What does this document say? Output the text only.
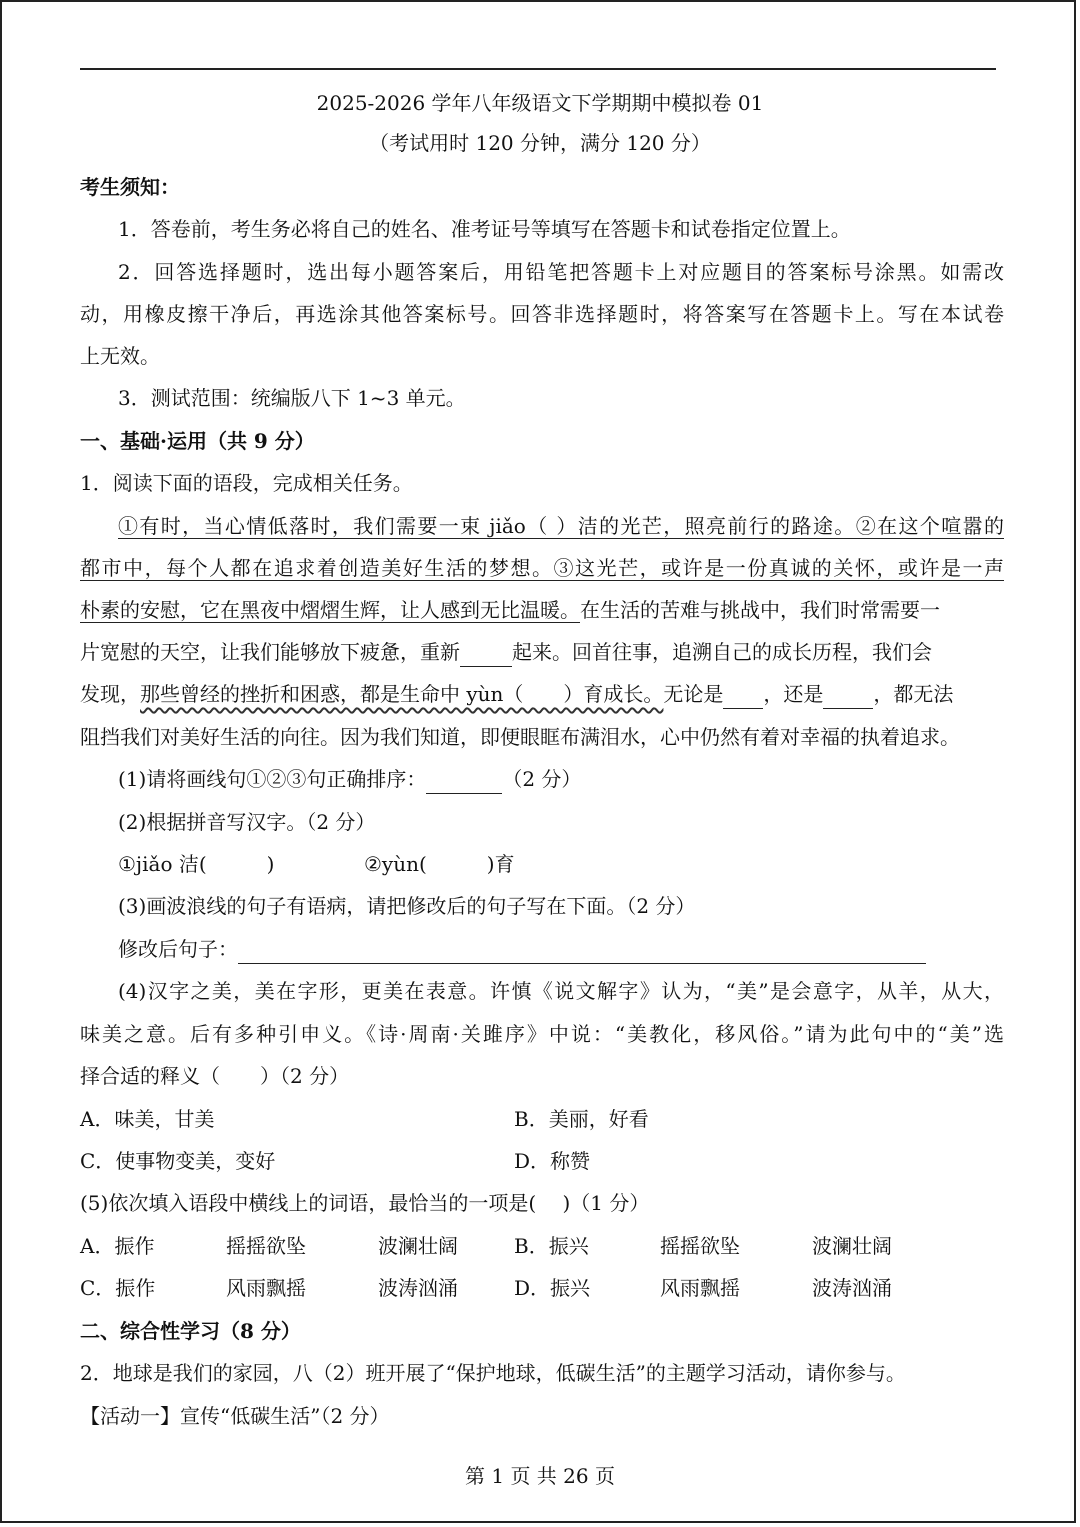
2025-2026 学年八年级语文下学期期中模拟卷 01
（考试用时 120 分钟，满分 120 分）
考生须知：
1．答卷前，考生务必将自己的姓名、准考证号等填写在答题卡和试卷指定位置上。
2．回答选择题时，选出每小题答案后，用铅笔把答题卡上对应题目的答案标号涂黑。如需改
动，用橡皮擦干净后，再选涂其他答案标号。回答非选择题时，将答案写在答题卡上。写在本试卷
上无效。
3．测试范围：统编版八下 1~3 单元。
一、基础·运用（共 9 分）
1．阅读下面的语段，完成相关任务。
①有时，当心情低落时，我们需要一束 jiǎo（ ）洁的光芒，照亮前行的路途。②在这个喧嚣的
都市中，每个人都在追求着创造美好生活的梦想。③这光芒，或许是一份真诚的关怀，或许是一声
朴素的安慰，它在黑夜中熠熠生辉，让人感到无比温暖。在生活的苦难与挑战中，我们时常需要一
片宽慰的天空，让我们能够放下疲惫，重新	起来。回首往事，追溯自己的成长历程，我们会
发现，那些曾经的挫折和困惑，都是生命中 yùn（　　）育成长。无论是 ，还是	，都无法
阻挡我们对美好生活的向往。因为我们知道，即便眼眶布满泪水，心中仍然有着对幸福的执着追求。
(1)请将画线句①②③句正确排序：	（2 分）
(2)根据拼音写汉字。（2 分）
①jiǎo 洁(　　　)	②yùn(　　　)育
(3)画波浪线的句子有语病，请把修改后的句子写在下面。（2 分）
修改后句子：
(4)汉字之美，美在字形，更美在表意。许慎《说文解字》认为，“美”是会意字，从羊，从大，
味美之意。后有多种引申义。《诗·周南·关雎序》中说：“美教化，移风俗。”请为此句中的“美”选
择合适的释义（　　）（2 分）
A．味美，甘美	B．美丽，好看
C．使事物变美，变好	D．称赞
(5)依次填入语段中横线上的词语，最恰当的一项是(　 )（1 分）
A．振作	摇摇欲坠	波澜壮阔	B．振兴	摇摇欲坠	波澜壮阔
C．振作	风雨飘摇	波涛汹涌	D．振兴	风雨飘摇	波涛汹涌
二、综合性学习（8 分）
2．地球是我们的家园，八（2）班开展了“保护地球，低碳生活”的主题学习活动，请你参与。
【活动一】宣传“低碳生活”（2 分）
第 1 页 共 26 页
